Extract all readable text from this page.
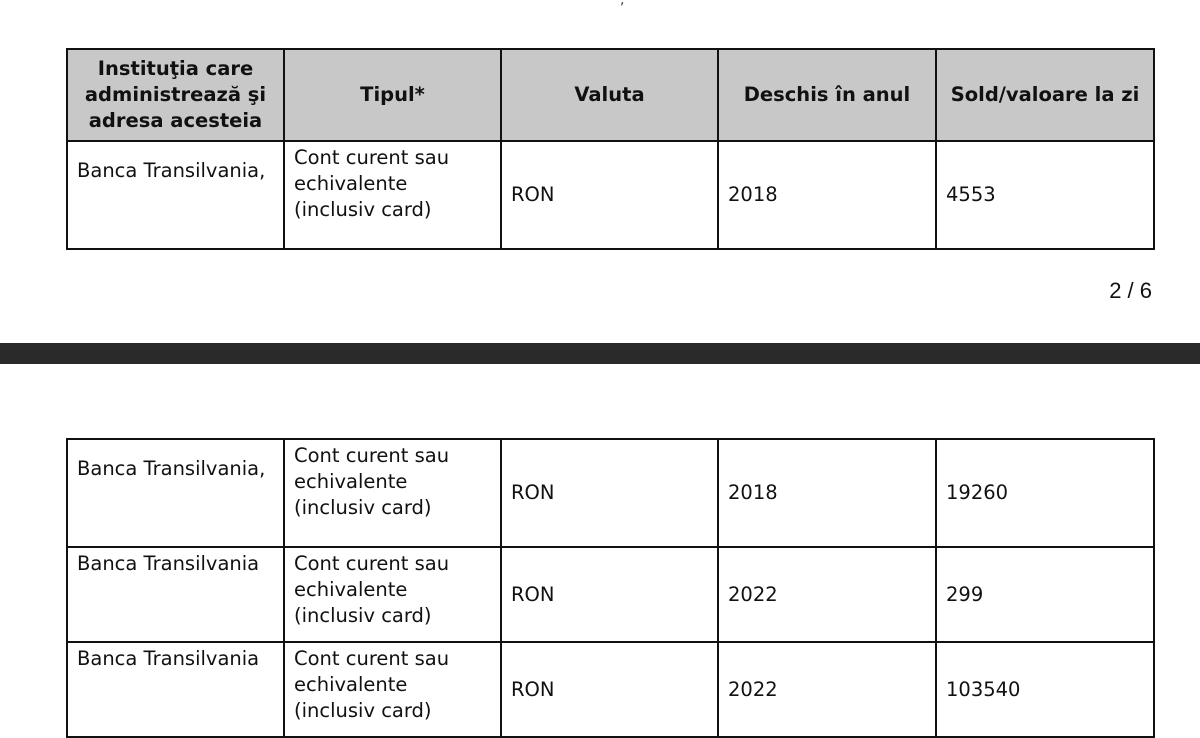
,
Instituţia care administrează şi adresa acesteia	Tipul*	Valuta	Deschis în anul	Sold/valoare la zi
Banca Transilvania,	Cont curent sau echivalente (inclusiv card)	RON	2018	4553
2 / 6
Banca Transilvania,	Cont curent sau echivalente (inclusiv card)	RON	2018	19260
Banca Transilvania	Cont curent sau echivalente (inclusiv card)	RON	2022	299
Banca Transilvania	Cont curent sau echivalente (inclusiv card)	RON	2022	103540
